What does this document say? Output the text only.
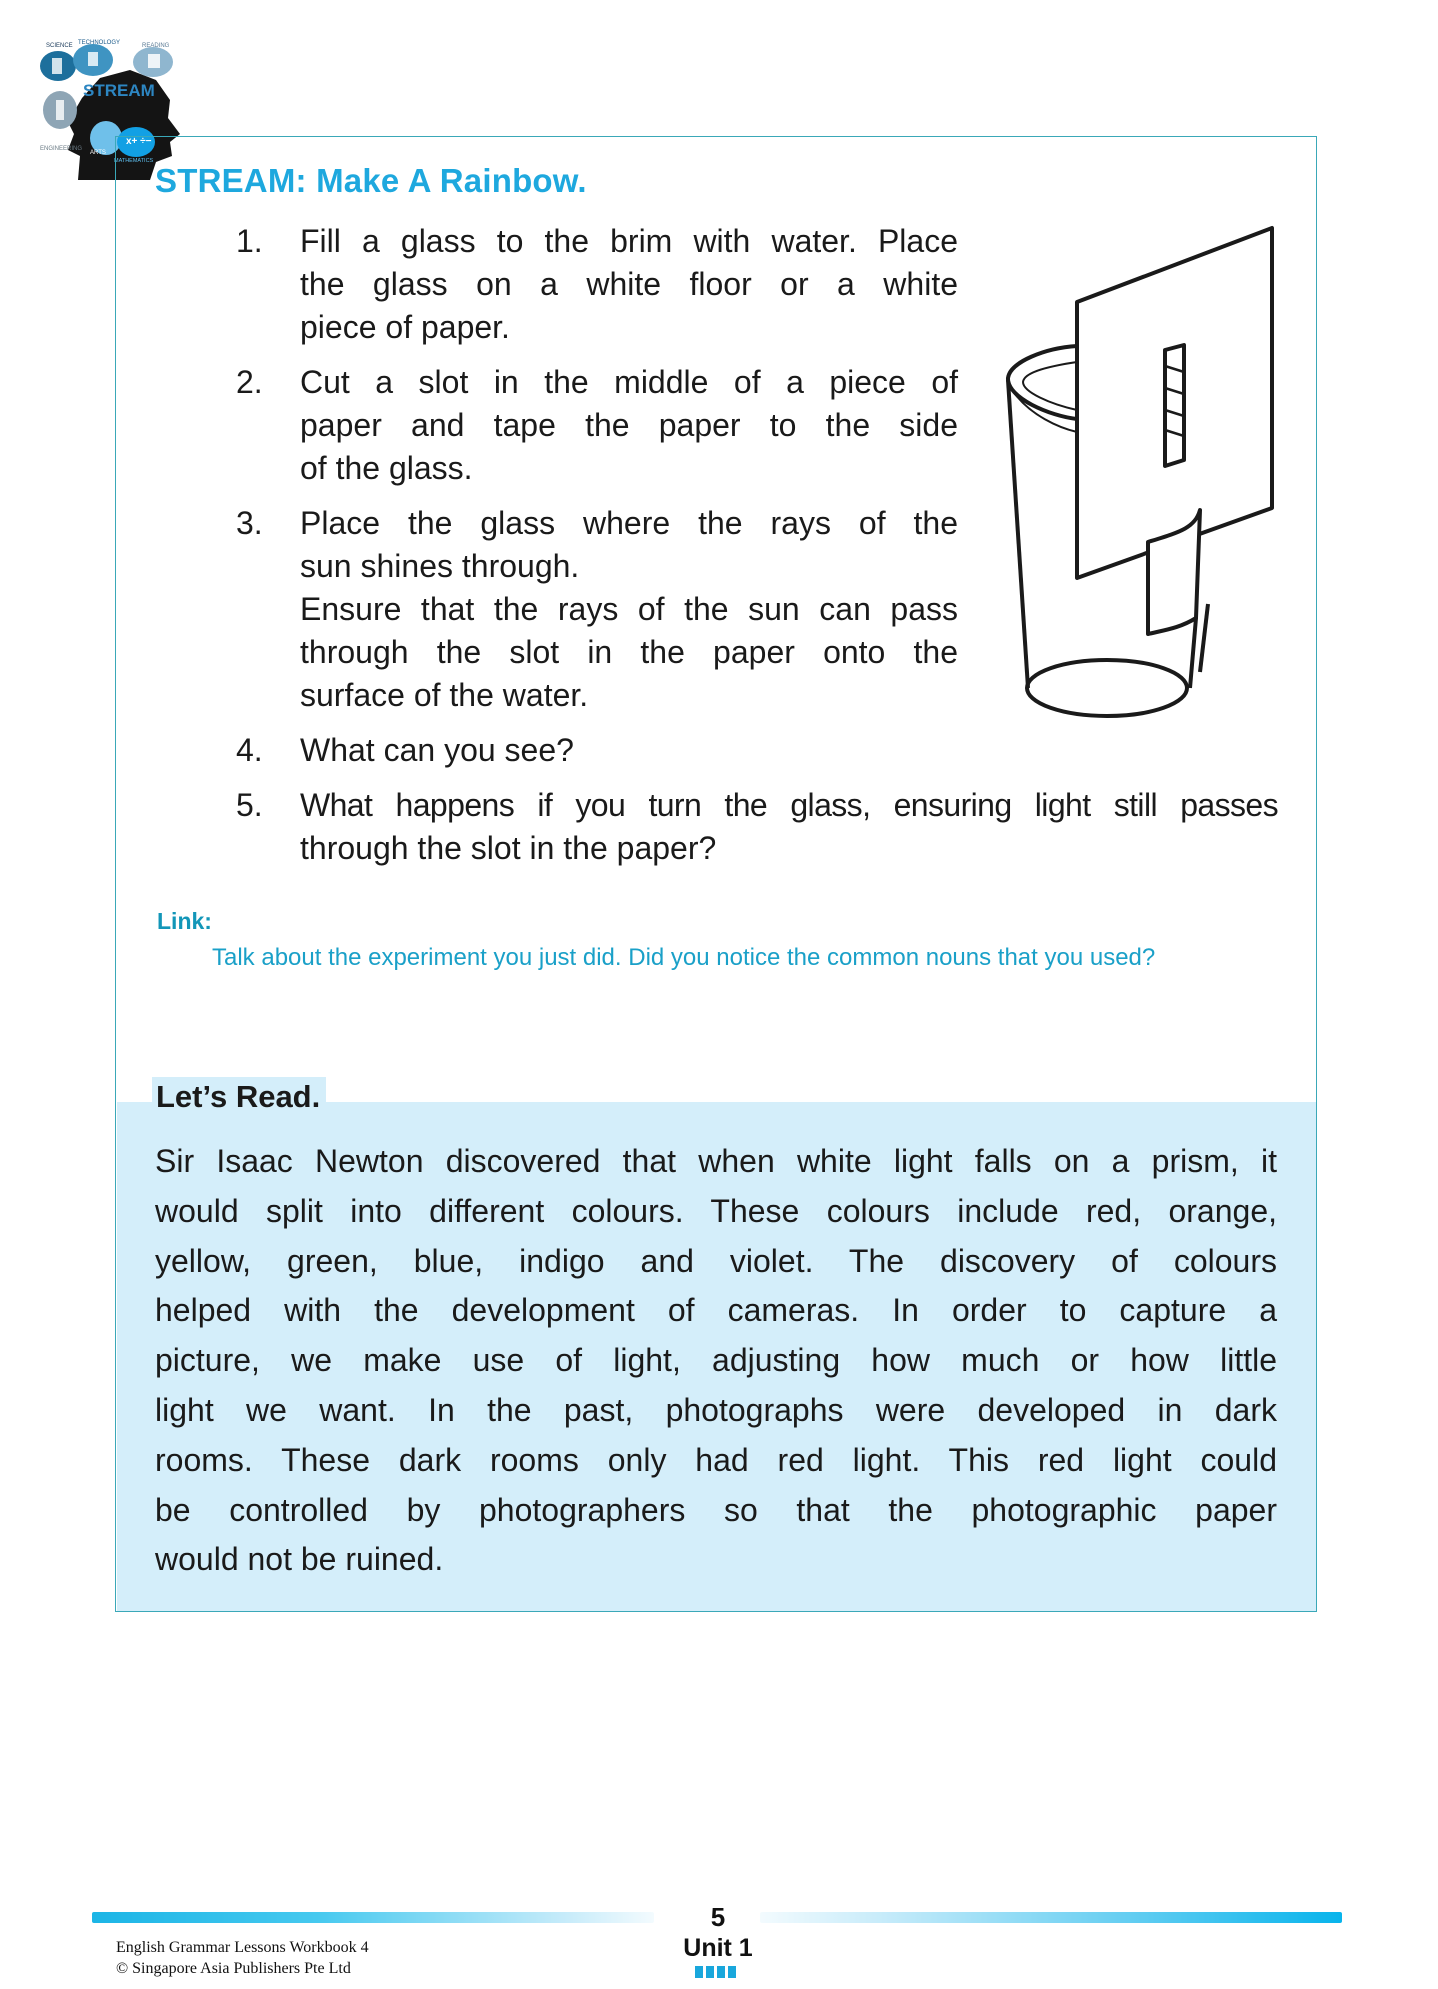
SCIENCE TECHNOLOGY	READING
STREAM
ENGINEERING
ARTS
MATHEMATICS
x+ ÷−
STREAM: Make A Rainbow.
1.	Fill a glass to the brim with water. Place
the glass on a white floor or a white
piece of paper.
2.	Cut a slot in the middle of a piece of
paper and tape the paper to the side
of the glass.
3.	Place the glass where the rays of the
sun shines through.
Ensure that the rays of the sun can pass
through the slot in the paper onto the
surface of the water.
4.	What can you see?
5.	What happens if you turn the glass, ensuring light still passes
through the slot in the paper?
Link:
Talk about the experiment you just did. Did you notice the common nouns that you used?
Let’s Read.
Sir Isaac Newton discovered that when white light falls on a prism, it
would split into different colours. These colours include red, orange,
yellow, green, blue, indigo and violet. The discovery of colours
helped with the development of cameras. In order to capture a
picture, we make use of light, adjusting how much or how little
light we want. In the past, photographs were developed in dark
rooms. These dark rooms only had red light. This red light could
be controlled by photographers so that the photographic paper
would not be ruined.
5
Unit 1
English Grammar Lessons Workbook 4
© Singapore Asia Publishers Pte Ltd
